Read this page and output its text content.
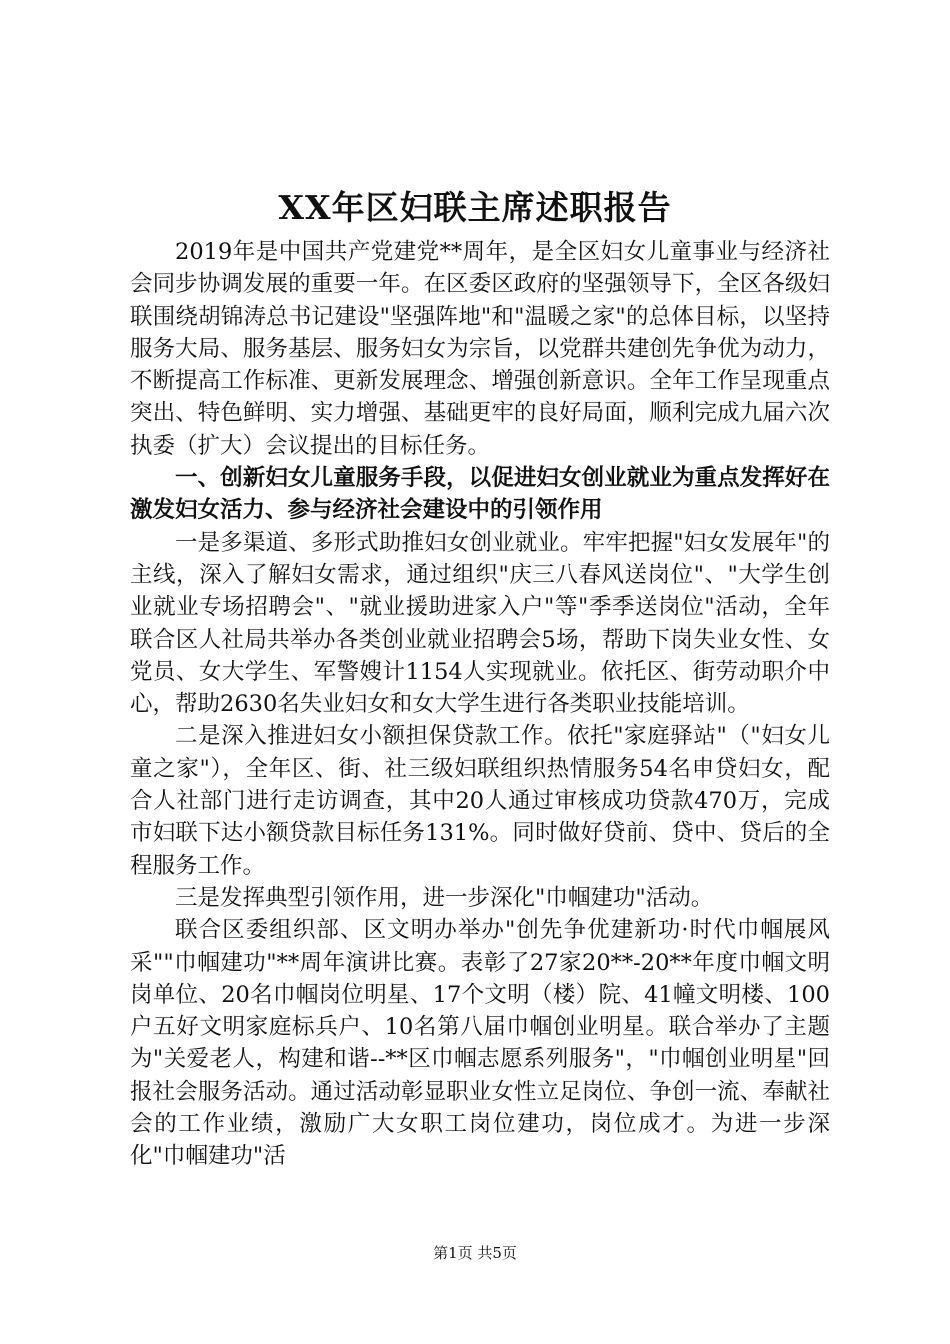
XX年区妇联主席述职报告

2019年是中国共产党建党**周年，是全区妇女儿童事业与经济社会同步协调发展的重要一年。在区委区政府的坚强领导下，全区各级妇联围绕胡锦涛总书记建设"坚强阵地"和"温暖之家"的总体目标，以坚持服务大局、服务基层、服务妇女为宗旨，以党群共建创先争优为动力，不断提高工作标准、更新发展理念、增强创新意识。全年工作呈现重点突出、特色鲜明、实力增强、基础更牢的良好局面，顺利完成九届六次执委（扩大）会议提出的目标任务。

一、创新妇女儿童服务手段，以促进妇女创业就业为重点发挥好在激发妇女活力、参与经济社会建设中的引领作用

一是多渠道、多形式助推妇女创业就业。牢牢把握"妇女发展年"的主线，深入了解妇女需求，通过组织"庆三八春风送岗位"、"大学生创业就业专场招聘会"、"就业援助进家入户"等"季季送岗位"活动，全年联合区人社局共举办各类创业就业招聘会5场，帮助下岗失业女性、女党员、女大学生、军警嫂计1154人实现就业。依托区、街劳动职介中心，帮助2630名失业妇女和女大学生进行各类职业技能培训。

二是深入推进妇女小额担保贷款工作。依托"家庭驿站"（"妇女儿童之家"），全年区、街、社三级妇联组织热情服务54名申贷妇女，配合人社部门进行走访调查，其中20人通过审核成功贷款470万，完成市妇联下达小额贷款目标任务131%。同时做好贷前、贷中、贷后的全程服务工作。

三是发挥典型引领作用，进一步深化"巾帼建功"活动。

联合区委组织部、区文明办举办"创先争优建新功·时代巾帼展风采""巾帼建功"**周年演讲比赛。表彰了27家20**-20**年度巾帼文明岗单位、20名巾帼岗位明星、17个文明（楼）院、41幢文明楼、100户五好文明家庭标兵户、10名第八届巾帼创业明星。联合举办了主题为"关爱老人，构建和谐--**区巾帼志愿系列服务"，"巾帼创业明星"回报社会服务活动。通过活动彰显职业女性立足岗位、争创一流、奉献社会的工作业绩，激励广大女职工岗位建功，岗位成才。为进一步深化"巾帼建功"活

第1页 共5页
